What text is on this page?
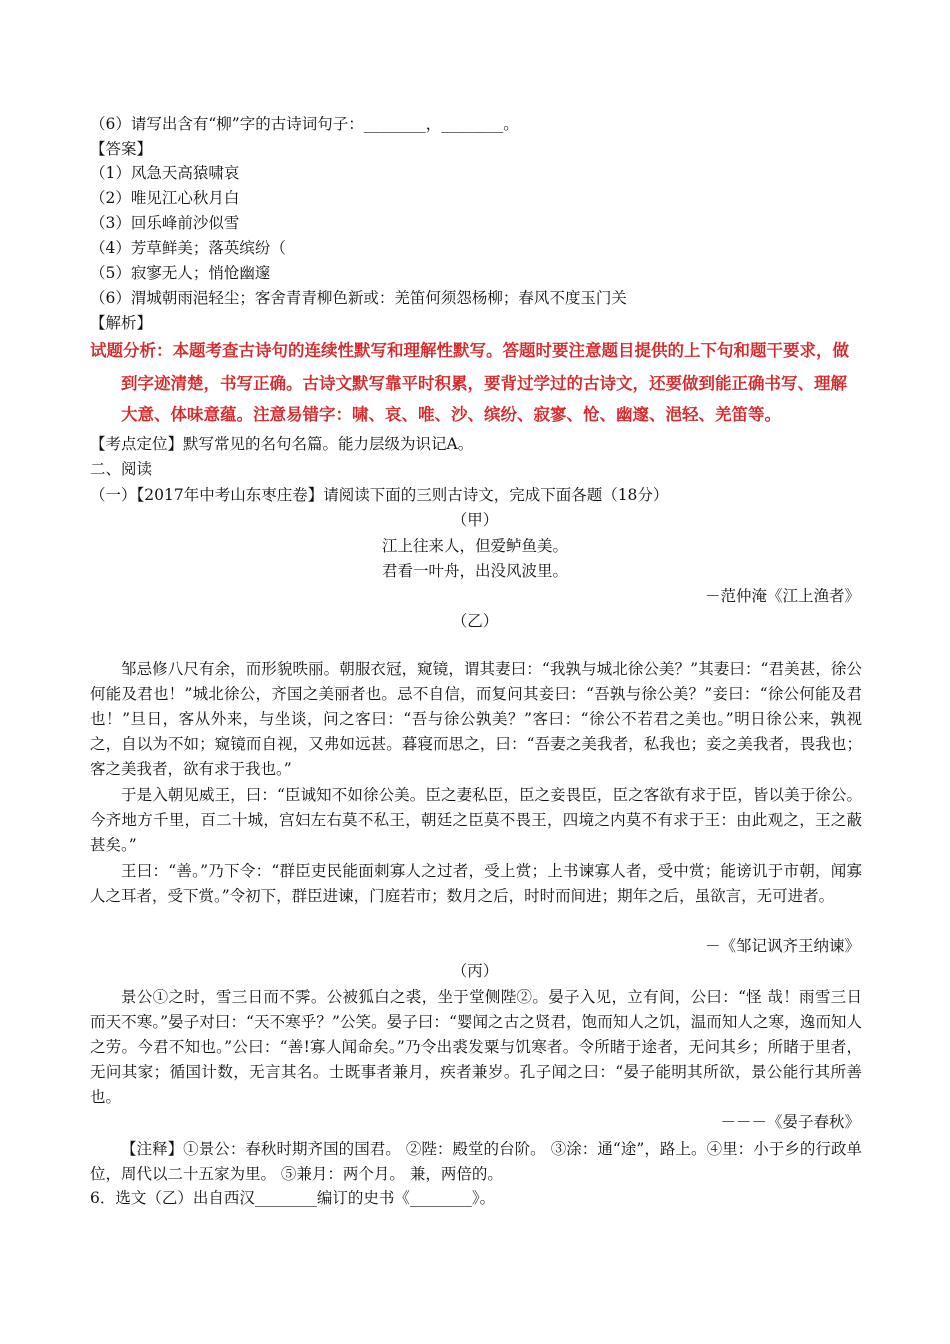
（6）请写出含有“柳”字的古诗词句子：________，________。
【答案】
（1）风急天高猿啸哀
（2）唯见江心秋月白
（3）回乐峰前沙似雪
（4）芳草鲜美；落英缤纷（
（5）寂寥无人；悄怆幽邃
（6）渭城朝雨浥轻尘；客舍青青柳色新或：羌笛何须怨杨柳；春风不度玉门关
【解析】
试题分析：本题考查古诗句的连续性默写和理解性默写。答题时要注意题目提供的上下句和题干要求，做
到字迹清楚，书写正确。古诗文默写靠平时积累，要背过学过的古诗文，还要做到能正确书写、理解
大意、体味意蕴。注意易错字：啸、哀、唯、沙、缤纷、寂寥、怆、幽邃、浥轻、羌笛等。
【考点定位】默写常见的名句名篇。能力层级为识记A。
二、阅读
（一）【2017年中考山东枣庄卷】请阅读下面的三则古诗文，完成下面各题（18分）
（甲）
江上往来人，但爱鲈鱼美。
君看一叶舟，出没风波里。
－范仲淹《江上渔者》
（乙）
邹忌修八尺有余，而形貌昳丽。朝服衣冠，窥镜，谓其妻曰：“我孰与城北徐公美？”其妻曰：“君美甚，徐公何能及君也！”城北徐公，齐国之美丽者也。忌不自信，而复问其妾曰：“吾孰与徐公美？”妾曰：“徐公何能及君也！”旦日，客从外来，与坐谈，问之客曰：“吾与徐公孰美？”客曰：“徐公不若君之美也。”明日徐公来，孰视之，自以为不如；窥镜而自视，又弗如远甚。暮寝而思之，曰：“吾妻之美我者，私我也；妾之美我者，畏我也；客之美我者，欲有求于我也。”
于是入朝见威王，曰：“臣诚知不如徐公美。臣之妻私臣，臣之妾畏臣，臣之客欲有求于臣，皆以美于徐公。今齐地方千里，百二十城，宫妇左右莫不私王，朝廷之臣莫不畏王，四境之内莫不有求于王：由此观之，王之蔽甚矣。”
王曰：“善。”乃下令：“群臣吏民能面刺寡人之过者，受上赏；上书谏寡人者，受中赏；能谤讥于市朝，闻寡人之耳者，受下赏。”令初下，群臣进谏，门庭若市；数月之后，时时而间进；期年之后，虽欲言，无可进者。
－《邹记讽齐王纳谏》
（丙）
景公①之时，雪三日而不霁。公被狐白之裘，坐于堂侧陛②。晏子入见，立有间，公曰：“怪 哉！雨雪三日而天不寒。”晏子对曰：“天不寒乎？”公笑。晏子曰：“婴闻之古之贤君，饱而知人之饥，温而知人之寒，逸而知人之劳。今君不知也。”公曰：“善!寡人闻命矣。”乃令出裘发粟与饥寒者。令所睹于途者，无问其乡；所睹于里者，无问其家；循国计数，无言其名。士既事者兼月，疾者兼岁。孔子闻之曰：“晏子能明其所欲，景公能行其所善也。
－－－《晏子春秋》
【注释】①景公：春秋时期齐国的国君。 ②陛：殿堂的台阶。 ③涂：通“途”，路上。④里：小于乡的行政单位，周代以二十五家为里。 ⑤兼月：两个月。 兼，两倍的。
6．选文（乙）出自西汉________编订的史书《________》。
